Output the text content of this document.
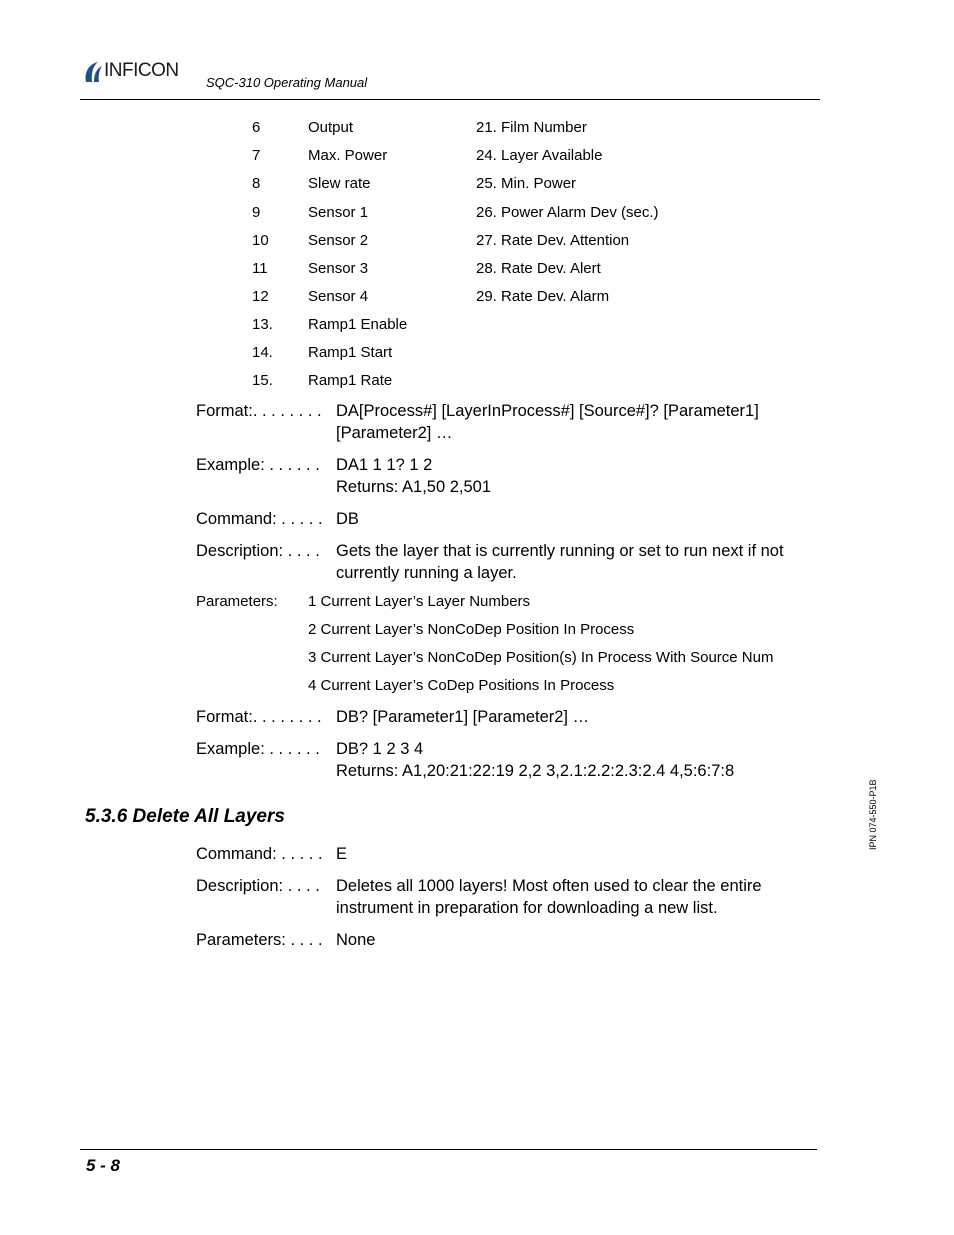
INFICON
SQC-310 Operating Manual
6	Output	21. Film Number
7	Max. Power	24. Layer Available
8	Slew rate	25. Min. Power
9	Sensor 1	26. Power Alarm Dev (sec.)
10	Sensor 2	27. Rate Dev. Attention
11	Sensor 3	28. Rate Dev. Alert
12	Sensor 4	29. Rate Dev. Alarm
13. Ramp1 Enable
14. Ramp1 Start
15. Ramp1 Rate
Format:. . . . . . . . DA[Process#] [LayerInProcess#] [Source#]? [Parameter1]
[Parameter2] …
Example: . . . . . . DA1 1 1? 1 2
Returns: A1,50 2,501
Command: . . . . . DB
Description: . . . . Gets the layer that is currently running or set to run next if not
currently running a layer.
Parameters: 1 Current Layer’s Layer Numbers
2 Current Layer’s NonCoDep Position In Process
3 Current Layer’s NonCoDep Position(s) In Process With Source Num
4 Current Layer’s CoDep Positions In Process
Format:. . . . . . . . DB? [Parameter1] [Parameter2] …
Example: . . . . . . DB? 1 2 3 4
Returns: A1,20:21:22:19 2,2 3,2.1:2.2:2.3:2.4 4,5:6:7:8
5.3.6 Delete All Layers
Command: . . . . . E
Description: . . . . Deletes all 1000 layers! Most often used to clear the entire
instrument in preparation for downloading a new list.
Parameters: . . . . None
IPN 074-550-P1B
5 - 8
